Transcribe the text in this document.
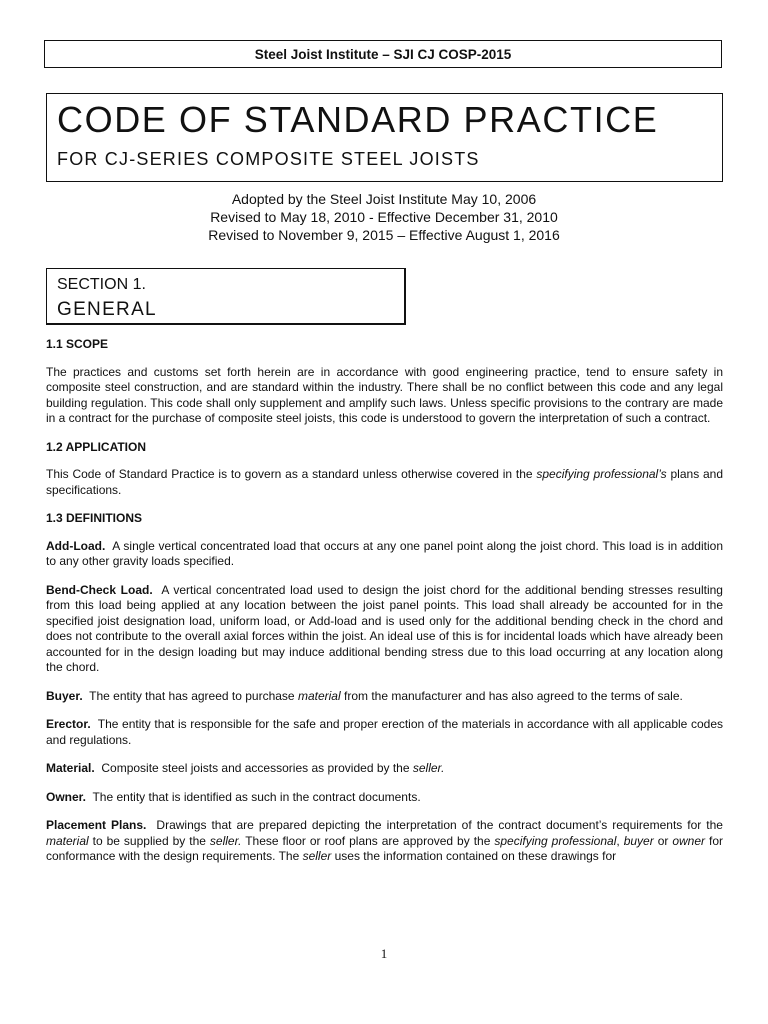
Steel Joist Institute – SJI CJ COSP-2015
CODE OF STANDARD PRACTICE
FOR CJ-SERIES COMPOSITE STEEL JOISTS
Adopted by the Steel Joist Institute May 10, 2006
Revised to May 18, 2010 - Effective December 31, 2010
Revised to November 9, 2015 – Effective August 1, 2016
SECTION 1.
GENERAL

1.1 SCOPE

The practices and customs set forth herein are in accordance with good engineering practice, tend to ensure safety in composite steel construction, and are standard within the industry. There shall be no conflict between this code and any legal building regulation. This code shall only supplement and amplify such laws. Unless specific provisions to the contrary are made in a contract for the purchase of composite steel joists, this code is understood to govern the interpretation of such a contract.

1.2 APPLICATION

This Code of Standard Practice is to govern as a standard unless otherwise covered in the specifying professional’s plans and specifications.

1.3 DEFINITIONS

Add-Load. A single vertical concentrated load that occurs at any one panel point along the joist chord. This load is in addition to any other gravity loads specified.

Bend-Check Load. A vertical concentrated load used to design the joist chord for the additional bending stresses resulting from this load being applied at any location between the joist panel points. This load shall already be accounted for in the specified joist designation load, uniform load, or Add-load and is used only for the additional bending check in the chord and does not contribute to the overall axial forces within the joist. An ideal use of this is for incidental loads which have already been accounted for in the design loading but may induce additional bending stress due to this load occurring at any location along the chord.

Buyer. The entity that has agreed to purchase material from the manufacturer and has also agreed to the terms of sale.

Erector. The entity that is responsible for the safe and proper erection of the materials in accordance with all applicable codes and regulations.

Material. Composite steel joists and accessories as provided by the seller.

Owner. The entity that is identified as such in the contract documents.

Placement Plans. Drawings that are prepared depicting the interpretation of the contract document’s requirements for the material to be supplied by the seller. These floor or roof plans are approved by the specifying professional, buyer or owner for conformance with the design requirements. The seller uses the information contained on these drawings for

1
